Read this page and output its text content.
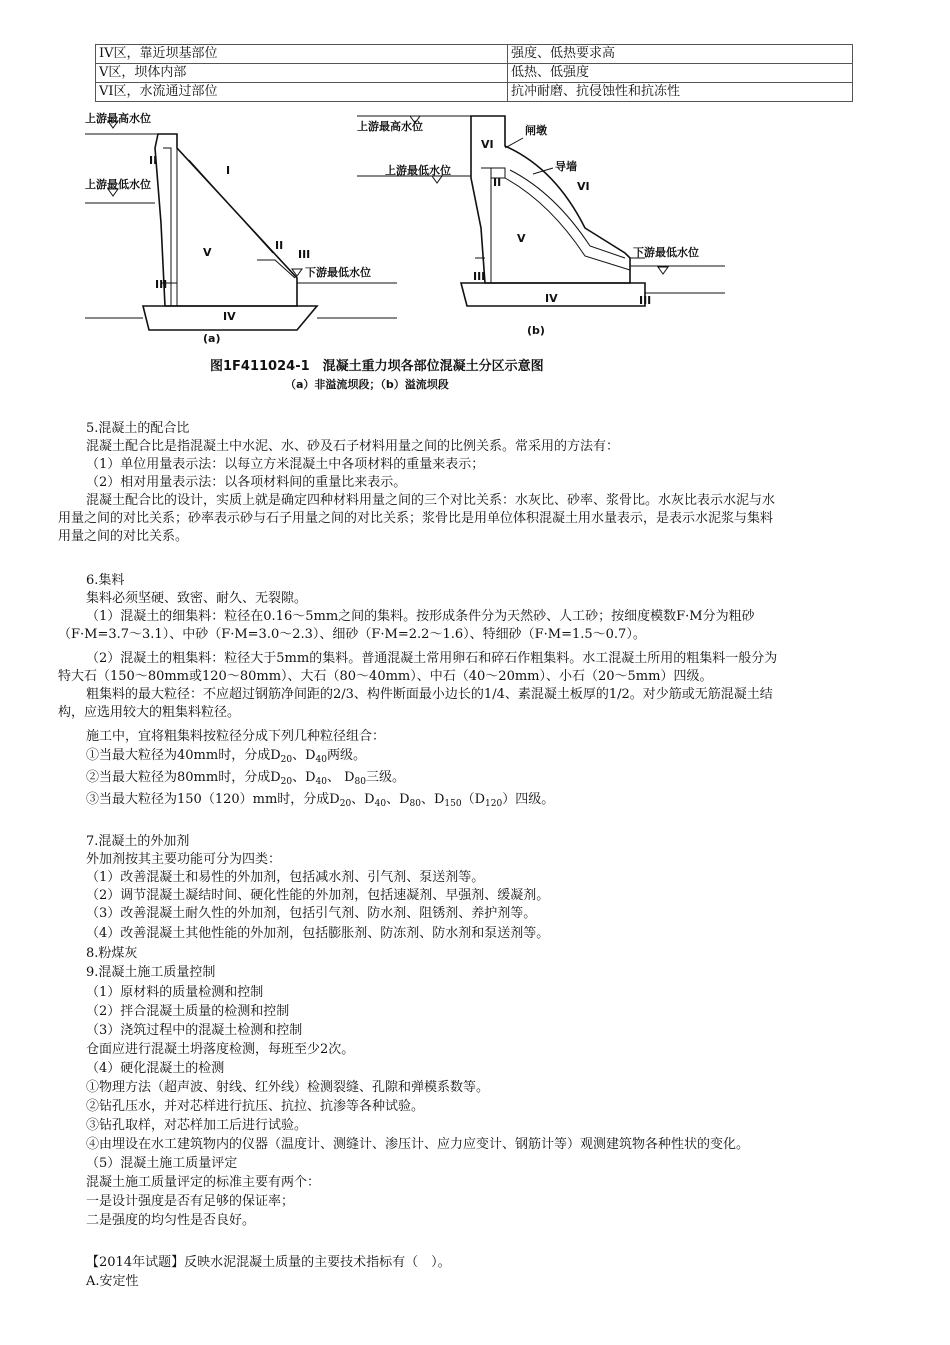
IV区，靠近坝基部位	强度、低热要求高
V区，坝体内部	低热、低强度
VI区，水流通过部位	抗冲耐磨、抗侵蚀性和抗冻性
上游最高水位
上游最低水位
下游最低水位
I
II
V
II
III
III
IV
(a)
上游最高水位
上游最低水位
下游最低水位
闸墩
导墙
VI
II	VI
V
III
IV	III
(b)
图1F411024-1　混凝土重力坝各部位混凝土分区示意图
（a）非溢流坝段；（b）溢流坝段
5.混凝土的配合比
混凝土配合比是指混凝土中水泥、水、砂及石子材料用量之间的比例关系。常采用的方法有：
（1）单位用量表示法：以每立方米混凝土中各项材料的重量来表示；
（2）相对用量表示法：以各项材料间的重量比来表示。
混凝土配合比的设计，实质上就是确定四种材料用量之间的三个对比关系：水灰比、砂率、浆骨比。水灰比表示水泥与水
用量之间的对比关系；砂率表示砂与石子用量之间的对比关系；浆骨比是用单位体积混凝土用水量表示，是表示水泥浆与集料
用量之间的对比关系。
6.集料
集料必须坚硬、致密、耐久、无裂隙。
（1）混凝土的细集料：粒径在0.16～5mm之间的集料。按形成条件分为天然砂、人工砂；按细度模数F·M分为粗砂
（F·M=3.7～3.1）、中砂（F·M=3.0～2.3）、细砂（F·M=2.2～1.6）、特细砂（F·M=1.5～0.7）。
（2）混凝土的粗集料：粒径大于5mm的集料。普通混凝土常用卵石和碎石作粗集料。水工混凝土所用的粗集料一般分为
特大石（150～80mm或120～80mm）、大石（80～40mm）、中石（40～20mm）、小石（20～5mm）四级。
粗集料的最大粒径：不应超过钢筋净间距的2/3、构件断面最小边长的1/4、素混凝土板厚的1/2。对少筋或无筋混凝土结
构，应选用较大的粗集料粒径。
施工中，宜将粗集料按粒径分成下列几种粒径组合：
①当最大粒径为40mm时，分成$D_{20}$、$D_{40}$两级。
②当最大粒径为80mm时，分成$D_{20}$、$D_{40}$、 $D_{80}$三级。
③当最大粒径为150（120）mm时，分成$D_{20}$、$D_{40}$、$D_{80}$、$D_{150}(D_{120})$四级。
7.混凝土的外加剂
外加剂按其主要功能可分为四类：
（1）改善混凝土和易性的外加剂，包括减水剂、引气剂、泵送剂等。
（2）调节混凝土凝结时间、硬化性能的外加剂，包括速凝剂、早强剂、缓凝剂。
（3）改善混凝土耐久性的外加剂，包括引气剂、防水剂、阻锈剂、养护剂等。
（4）改善混凝土其他性能的外加剂，包括膨胀剂、防冻剂、防水剂和泵送剂等。
8.粉煤灰
9.混凝土施工质量控制
（1）原材料的质量检测和控制
（2）拌合混凝土质量的检测和控制
（3）浇筑过程中的混凝土检测和控制
仓面应进行混凝土坍落度检测，每班至少2次。
（4）硬化混凝土的检测
①物理方法（超声波、射线、红外线）检测裂缝、孔隙和弹模系数等。
②钻孔压水，并对芯样进行抗压、抗拉、抗渗等各种试验。
③钻孔取样，对芯样加工后进行试验。
④由埋设在水工建筑物内的仪器（温度计、测缝计、渗压计、应力应变计、钢筋计等）观测建筑物各种性状的变化。
（5）混凝土施工质量评定
混凝土施工质量评定的标准主要有两个：
一是设计强度是否有足够的保证率；
二是强度的均匀性是否良好。
【2014年试题】反映水泥混凝土质量的主要技术指标有（　）。
A.安定性
